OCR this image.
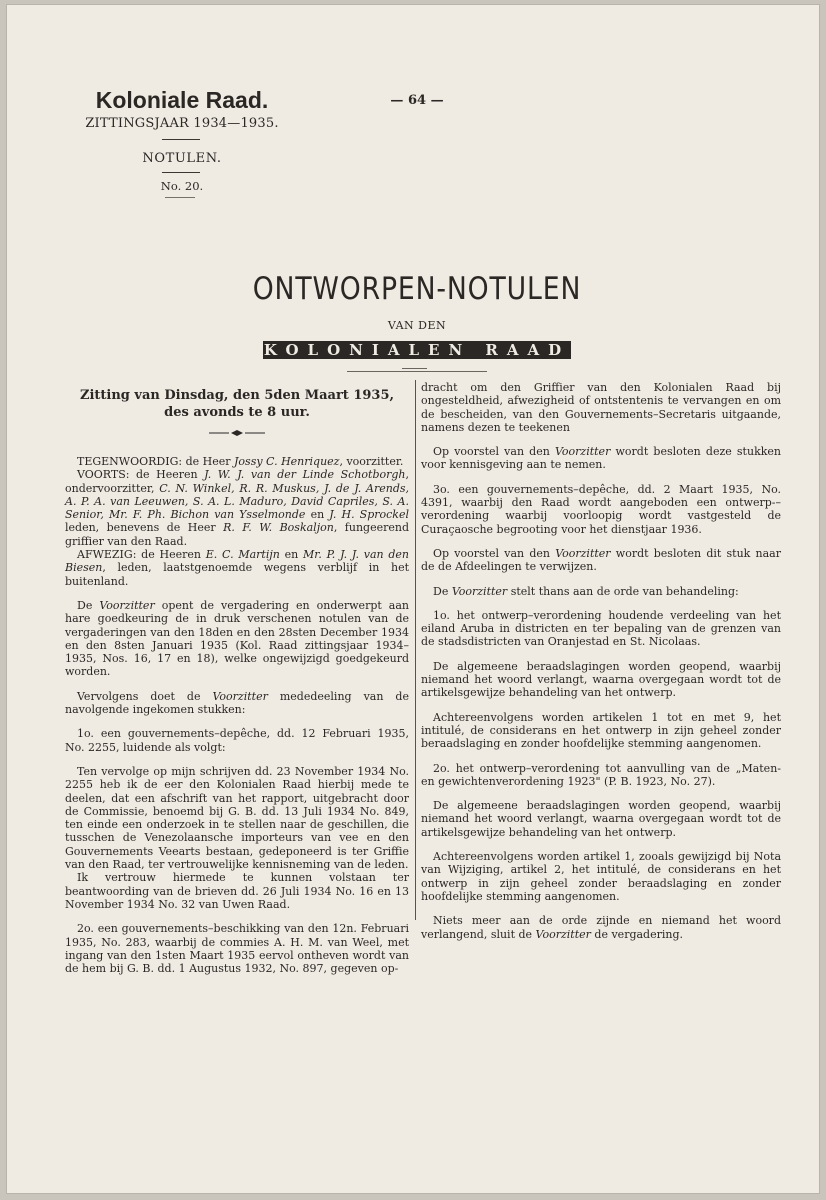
Koloniale Raad.
ZITTINGSJAAR 1934—1935.
NOTULEN.
No. 20.
— 64 —
ONTWORPEN-NOTULEN
VAN DEN
KOLONIALEN RAAD

Zitting van Dinsdag, den 5den Maart 1935,
des avonds te 8 uur.

TEGENWOORDIG: de Heer Jossy C. Henriquez, voorzitter.

VOORTS: de Heeren J. W. J. van der Linde Schotborgh, ondervoorzitter, C. N. Winkel, R. R. Muskus, J. de J. Arends, A. P. A. van Leeuwen, S. A. L. Maduro, David Capriles, S. A. Senior, Mr. F. Ph. Bichon van Ysselmonde en J. H. Sprockel leden, benevens de Heer R. F. W. Boskaljon, fungeerend griffier van den Raad.

AFWEZIG: de Heeren E. C. Martijn en Mr. P. J. J. van den Biesen, leden, laatstgenoemde wegens verblijf in het buitenland.

De Voorzitter opent de vergadering en onderwerpt aan hare goedkeuring de in druk verschenen notulen van de vergaderingen van den 18den en den 28sten December 1934 en den 8sten Januari 1935 (Kol. Raad zittingsjaar 1934–1935, Nos. 16, 17 en 18), welke ongewijzigd goedgekeurd worden.

Vervolgens doet de Voorzitter mededeeling van de navolgende ingekomen stukken:

1o. een gouvernements–depêche, dd. 12 Februari 1935, No. 2255, luidende als volgt:

Ten vervolge op mijn schrijven dd. 23 November 1934 No. 2255 heb ik de eer den Kolonialen Raad hierbij mede te deelen, dat een afschrift van het rapport, uitgebracht door de Commissie, benoemd bij G. B. dd. 13 Juli 1934 No. 849, ten einde een onderzoek in te stellen naar de geschillen, die tusschen de Venezolaansche importeurs van vee en den Gouvernements Veearts bestaan, gedeponeerd is ter Griffie van den Raad, ter vertrouwelijke kennisneming van de leden.

Ik vertrouw hiermede te kunnen volstaan ter beantwoording van de brieven dd. 26 Juli 1934 No. 16 en 13 November 1934 No. 32 van Uwen Raad.

2o. een gouvernements–beschikking van den 12n. Februari 1935, No. 283, waarbij de commies A. H. M. van Weel, met ingang van den 1sten Maart 1935 eervol ontheven wordt van de hem bij G. B. dd. 1 Augustus 1932, No. 897, gegeven op-

dracht om den Griffier van den Kolonialen Raad bij ongesteldheid, afwezigheid of ontstentenis te vervangen en om de bescheiden, van den Gouvernements–Secretaris uitgaande, namens dezen te teekenen

Op voorstel van den Voorzitter wordt besloten deze stukken voor kennisgeving aan te nemen.

3o. een gouvernements–depêche, dd. 2 Maart 1935, No. 4391, waarbij den Raad wordt aangeboden een ontwerp-–verordening waarbij voorloopig wordt vastgesteld de Curaçaosche begrooting voor het dienstjaar 1936.

Op voorstel van den Voorzitter wordt besloten dit stuk naar de de Afdeelingen te verwijzen.

De Voorzitter stelt thans aan de orde van behandeling:

1o. het ontwerp–verordening houdende verdeeling van het eiland Aruba in districten en ter bepaling van de grenzen van de stadsdistricten van Oranjestad en St. Nicolaas.

De algemeene beraadslagingen worden geopend, waarbij niemand het woord verlangt, waarna overgegaan wordt tot de artikelsgewijze behandeling van het ontwerp.

Achtereenvolgens worden artikelen 1 tot en met 9, het intitulé, de considerans en het ontwerp in zijn geheel zonder beraadslaging en zonder hoofdelijke stemming aangenomen.

2o. het ontwerp–verordening tot aanvulling van de „Maten- en gewichtenverordening 1923" (P. B. 1923, No. 27).

De algemeene beraadslagingen worden geopend, waarbij niemand het woord verlangt, waarna overgegaan wordt tot de artikelsgewijze behandeling van het ontwerp.

Achtereenvolgens worden artikel 1, zooals gewijzigd bij Nota van Wijziging, artikel 2, het intitulé, de considerans en het ontwerp in zijn geheel zonder beraadslaging en zonder hoofdelijke stemming aangenomen.

Niets meer aan de orde zijnde en niemand het woord verlangend, sluit de Voorzitter de vergadering.
